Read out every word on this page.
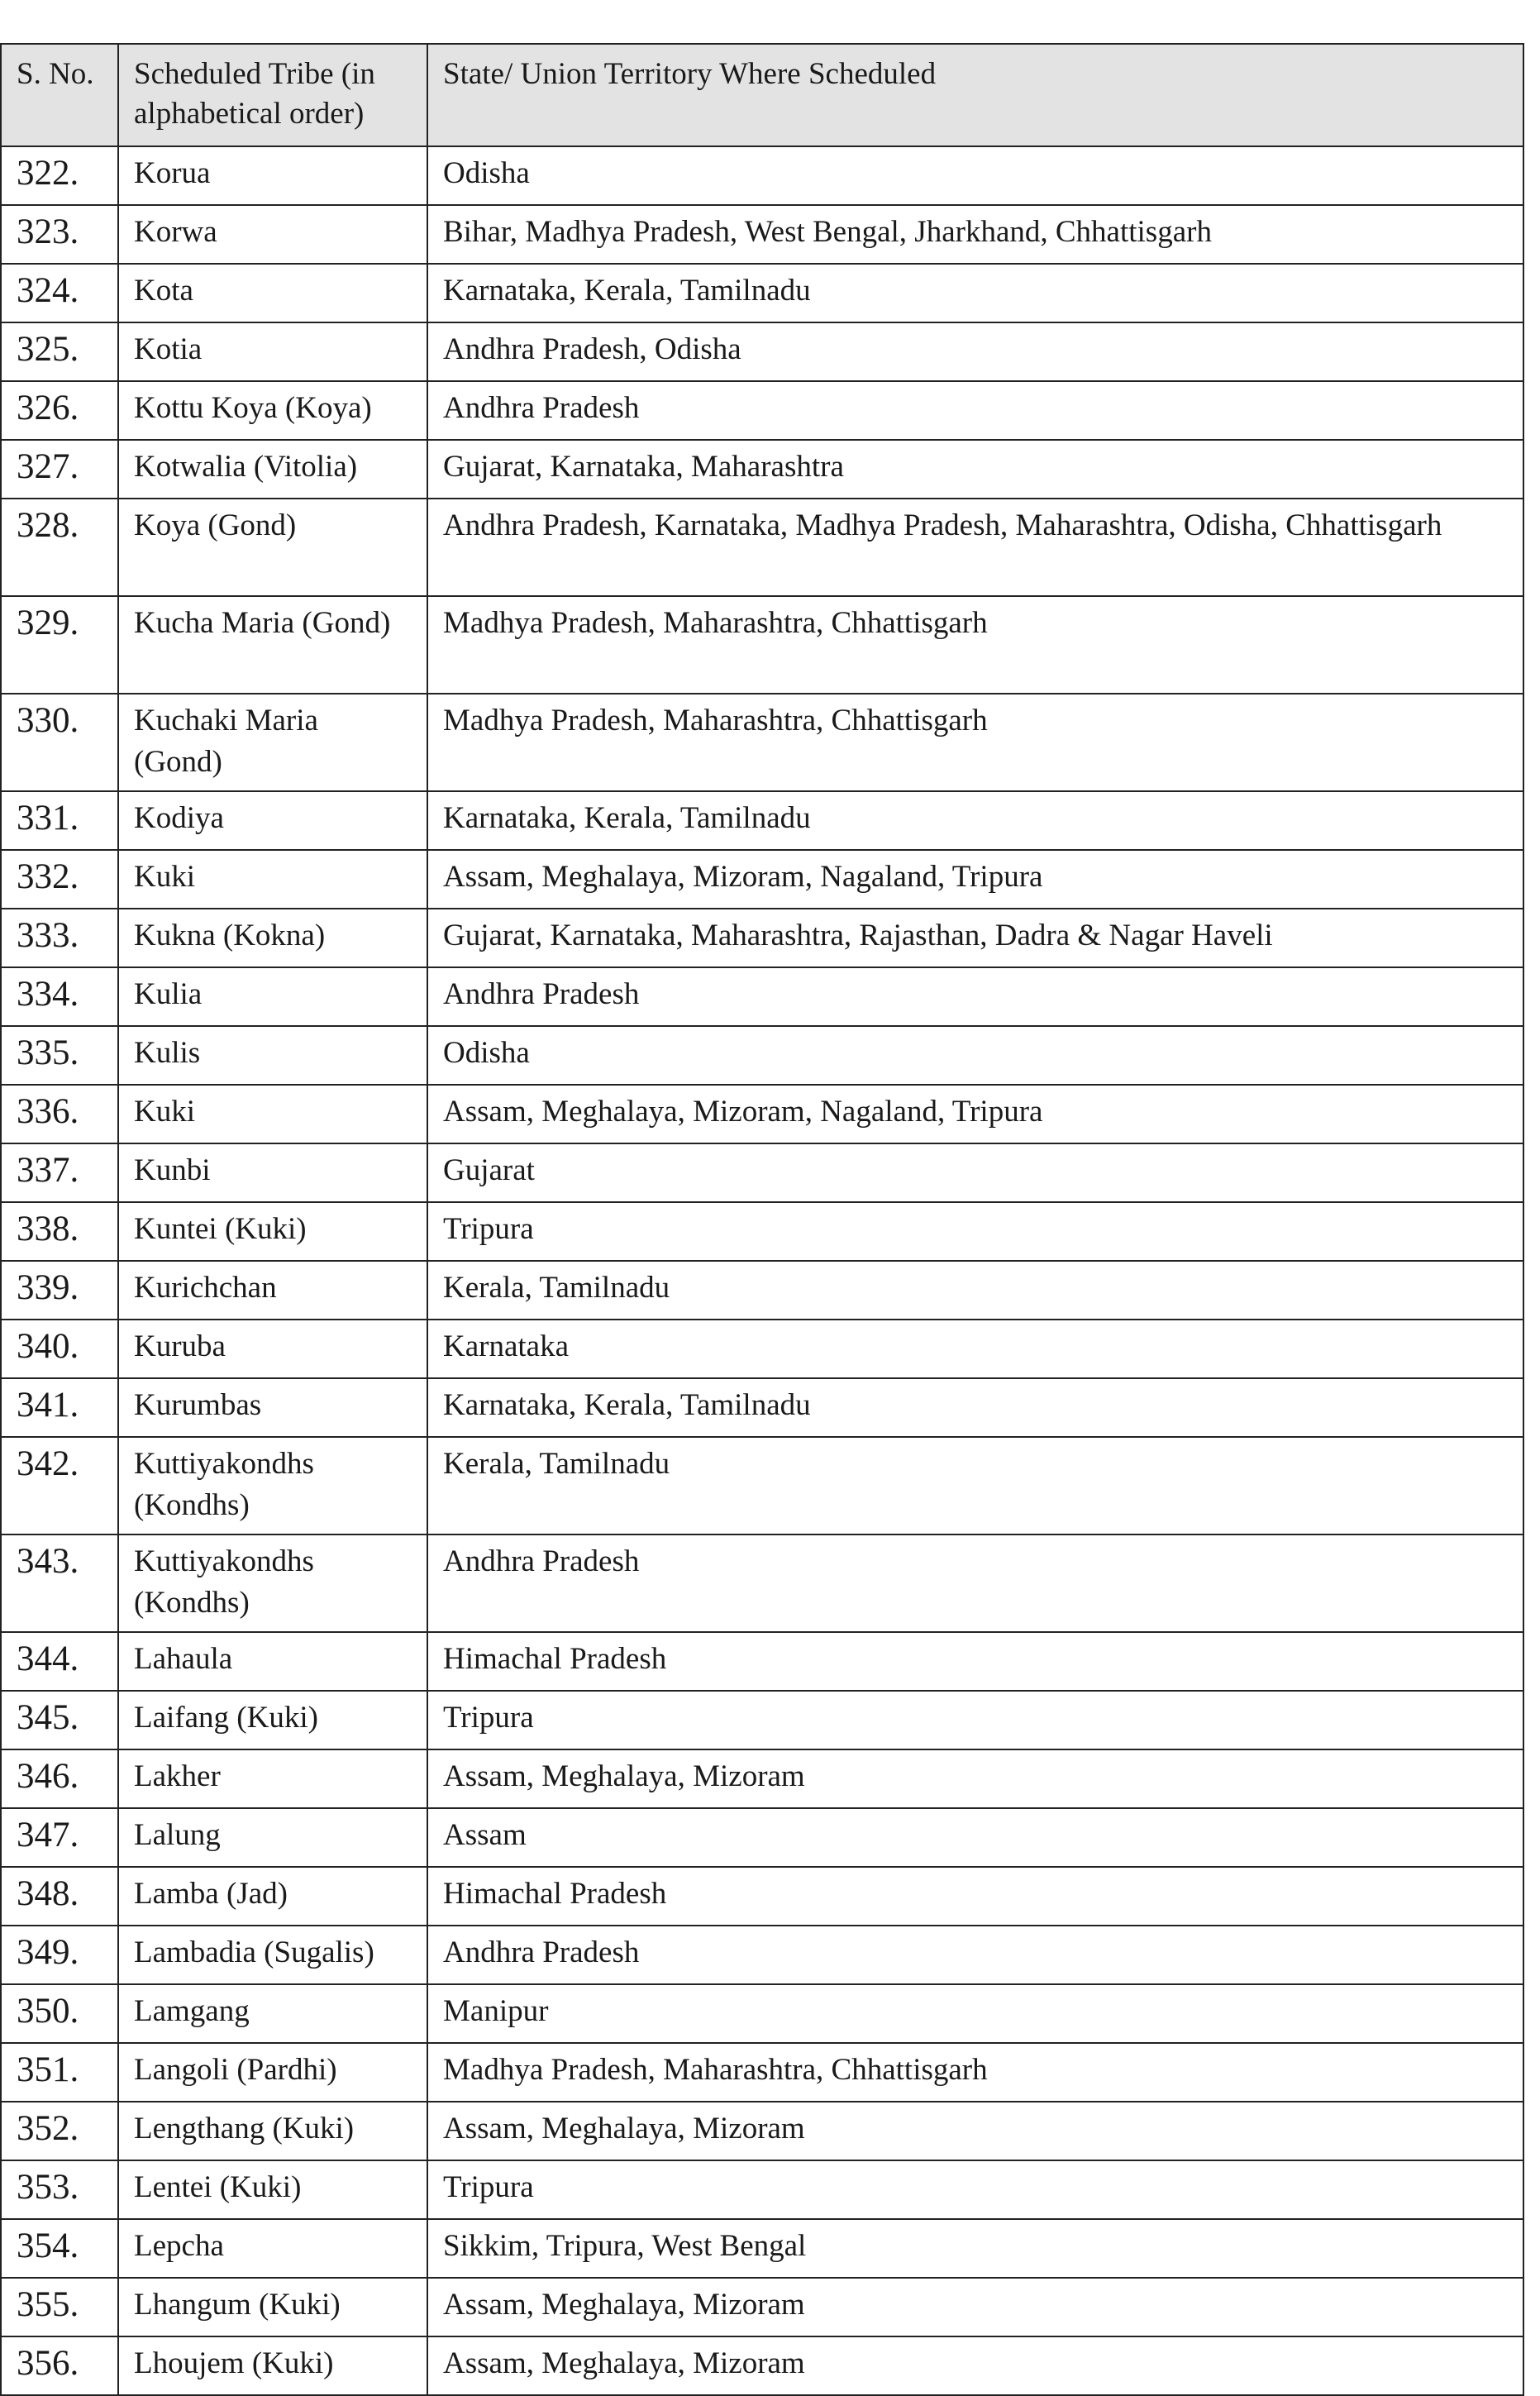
S. No.	Scheduled Tribe (in alphabetical order)	State/ Union Territory Where Scheduled
322.	Korua	Odisha
323.	Korwa	Bihar, Madhya Pradesh, West Bengal, Jharkhand, Chhattisgarh
324.	Kota	Karnataka, Kerala, Tamilnadu
325.	Kotia	Andhra Pradesh, Odisha
326.	Kottu Koya (Koya)	Andhra Pradesh
327.	Kotwalia (Vitolia)	Gujarat, Karnataka, Maharashtra
328.	Koya (Gond)	Andhra Pradesh, Karnataka, Madhya Pradesh, Maharashtra, Odisha, Chhattisgarh
329.	Kucha Maria (Gond)	Madhya Pradesh, Maharashtra, Chhattisgarh
330.	Kuchaki Maria (Gond)	Madhya Pradesh, Maharashtra, Chhattisgarh
331.	Kodiya	Karnataka, Kerala, Tamilnadu
332.	Kuki	Assam, Meghalaya, Mizoram, Nagaland, Tripura
333.	Kukna (Kokna)	Gujarat, Karnataka, Maharashtra, Rajasthan, Dadra & Nagar Haveli
334.	Kulia	Andhra Pradesh
335.	Kulis	Odisha
336.	Kuki	Assam, Meghalaya, Mizoram, Nagaland, Tripura
337.	Kunbi	Gujarat
338.	Kuntei (Kuki)	Tripura
339.	Kurichchan	Kerala, Tamilnadu
340.	Kuruba	Karnataka
341.	Kurumbas	Karnataka, Kerala, Tamilnadu
342.	Kuttiyakondhs (Kondhs)	Kerala, Tamilnadu
343.	Kuttiyakondhs (Kondhs)	Andhra Pradesh
344.	Lahaula	Himachal Pradesh
345.	Laifang (Kuki)	Tripura
346.	Lakher	Assam, Meghalaya, Mizoram
347.	Lalung	Assam
348.	Lamba (Jad)	Himachal Pradesh
349.	Lambadia (Sugalis)	Andhra Pradesh
350.	Lamgang	Manipur
351.	Langoli (Pardhi)	Madhya Pradesh, Maharashtra, Chhattisgarh
352.	Lengthang (Kuki)	Assam, Meghalaya, Mizoram
353.	Lentei (Kuki)	Tripura
354.	Lepcha	Sikkim, Tripura, West Bengal
355.	Lhangum (Kuki)	Assam, Meghalaya, Mizoram
356.	Lhoujem (Kuki)	Assam, Meghalaya, Mizoram
